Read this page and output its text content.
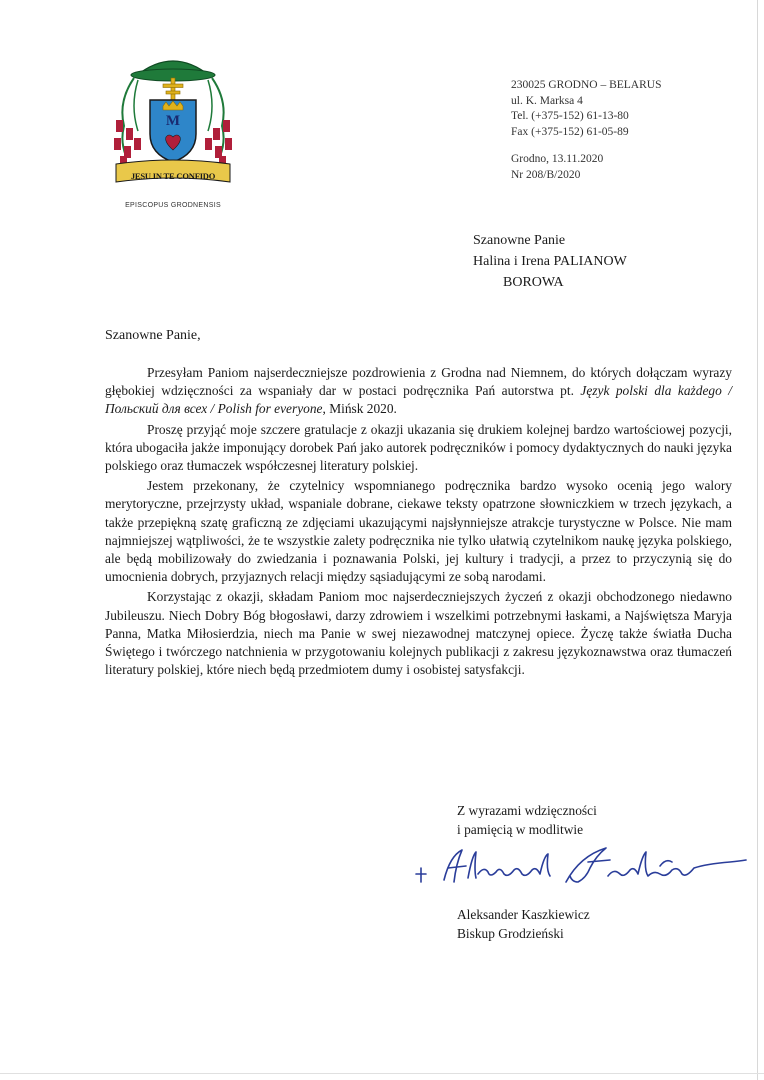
JESU IN TE CONFIDO
M
EPISCOPUS GRODNENSIS
230025 GRODNO – BELARUS
ul. K. Marksa 4
Tel. (+375-152) 61-13-80
Fax (+375-152) 61-05-89
Grodno, 13.11.2020
Nr 208/B/2020
Szanowne Panie
Halina i Irena PALIANOW
BOROWA
Szanowne Panie,

Przesyłam Paniom najserdeczniejsze pozdrowienia z Grodna nad Niemnem, do których dołączam wyrazy głębokiej wdzięczności za wspaniały dar w postaci podręcznika Pań autorstwa pt. Język polski dla każdego / Польский для всех / Polish for everyone, Mińsk 2020.

Proszę przyjąć moje szczere gratulacje z okazji ukazania się drukiem kolejnej bardzo wartościowej pozycji, która ubogaciła jakże imponujący dorobek Pań jako autorek podręczników i pomocy dydaktycznych do nauki języka polskiego oraz tłumaczek współczesnej literatury polskiej.

Jestem przekonany, że czytelnicy wspomnianego podręcznika bardzo wysoko ocenią jego walory merytoryczne, przejrzysty układ, wspaniale dobrane, ciekawe teksty opatrzone słowniczkiem w trzech językach, a także przepiękną szatę graficzną ze zdjęciami ukazującymi najsłynniejsze atrakcje turystyczne w Polsce. Nie mam najmniejszej wątpliwości, że te wszystkie zalety podręcznika nie tylko ułatwią czytelnikom naukę języka polskiego, ale będą mobilizowały do zwiedzania i poznawania Polski, jej kultury i tradycji, a przez to przyczynią się do umocnienia dobrych, przyjaznych relacji między sąsiadującymi ze sobą narodami.

Korzystając z okazji, składam Paniom moc najserdeczniejszych życzeń z okazji obchodzonego niedawno Jubileuszu. Niech Dobry Bóg błogosławi, darzy zdrowiem i wszelkimi potrzebnymi łaskami, a Najświętsza Maryja Panna, Matka Miłosierdzia, niech ma Panie w swej niezawodnej matczynej opiece. Życzę także światła Ducha Świętego i twórczego natchnienia w przygotowaniu kolejnych publikacji z zakresu językoznawstwa oraz tłumaczeń literatury polskiej, które niech będą przedmiotem dumy i osobistej satysfakcji.

Z wyrazami wdzięczności
i pamięcią w modlitwie
Aleksander Kaszkiewicz
Biskup Grodzieński
